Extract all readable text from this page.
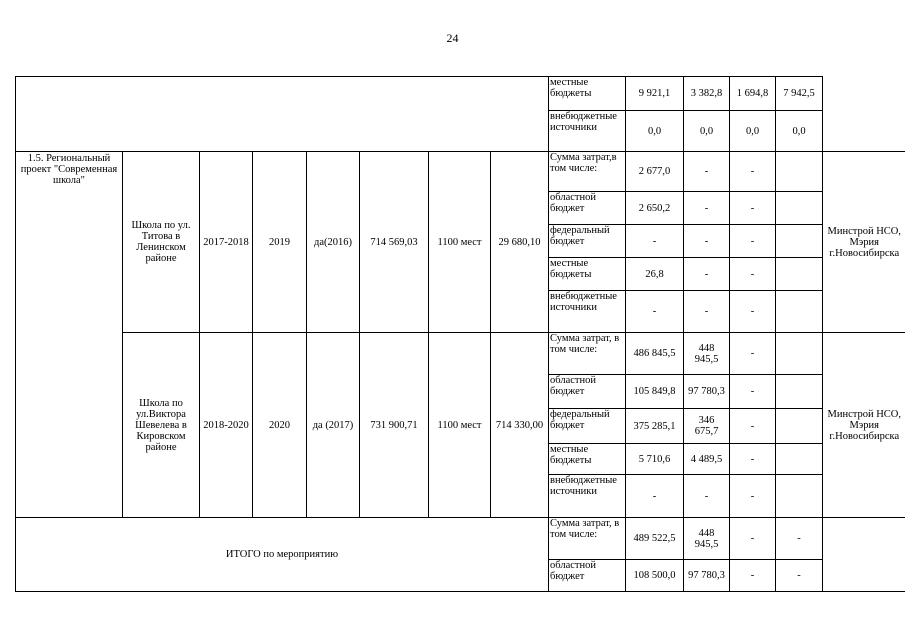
24
								местные бюджеты	9 921,1	3 382,8	1 694,8	7 942,5	
								внебюджетные источники	0,0	0,0	0,0	0,0	
1.5. Региональный проект "Современная школа"	Школа по ул. Титова в Ленинском районе	2017-2018	2019	да(2016)	714 569,03	1100 мест	29 680,10	Сумма затрат,в том числе:	2 677,0	-	-		Минстрой НСО, Мэрия г.Новосибирска
								областной бюджет	2 650,2	-	-		
								федеральный бюджет	-	-	-		
								местные бюджеты	26,8	-	-		
								внебюджетные источники	-	-	-		
	Школа по ул.Виктора Шевелева в Кировском районе	2018-2020	2020	да (2017)	731 900,71	1100 мест	714 330,00	Сумма затрат, в том числе:	486 845,5	448 945,5	-		Минстрой НСО, Мэрия г.Новосибирска
								областной бюджет	105 849,8	97 780,3	-		
								федеральный бюджет	375 285,1	346 675,7	-		
								местные бюджеты	5 710,6	4 489,5	-		
								внебюджетные источники	-	-	-		
ИТОГО по мероприятию								Сумма затрат, в том числе:	489 522,5	448 945,5	-	-	
								областной бюджет	108 500,0	97 780,3	-	-	
